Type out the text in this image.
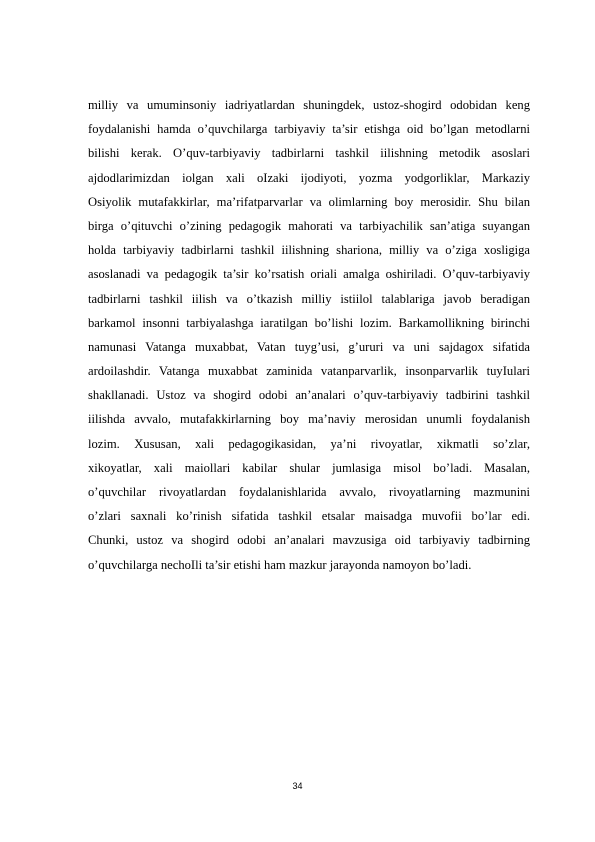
milliy va umuminsoniy iadriyatlardan shuningdek, ustoz-shogird odobidan keng
foydalanishi hamda o’quvchilarga tarbiyaviy ta’sir etishga oid bo’lgan metodlarni
bilishi kerak. O’quv-tarbiyaviy tadbirlarni tashkil iilishning metodik asoslari
ajdodlarimizdan iolgan xali oIzaki ijodiyoti, yozma yodgorliklar, Markaziy
Osiyolik mutafakkirlar, ma’rifatparvarlar va olimlarning boy merosidir. Shu bilan
birga o’qituvchi o’zining pedagogik mahorati va tarbiyachilik san’atiga suyangan
holda tarbiyaviy tadbirlarni tashkil iilishning shariona, milliy va o’ziga xosligiga
asoslanadi va pedagogik ta’sir ko’rsatish oriali amalga oshiriladi. O’quv-tarbiyaviy
tadbirlarni tashkil iilish va o’tkazish milliy istiilol talablariga javob beradigan
barkamol insonni tarbiyalashga iaratilgan bo’lishi lozim. Barkamollikning birinchi
namunasi Vatanga muxabbat, Vatan tuyg’usi, g’ururi va uni sajdagox sifatida
ardoilashdir. Vatanga muxabbat zaminida vatanparvarlik, insonparvarlik tuyIulari
shakllanadi. Ustoz va shogird odobi an’analari o’quv-tarbiyaviy tadbirini tashkil
iilishda avvalo, mutafakkirlarning boy ma’naviy merosidan unumli foydalanish
lozim. Xususan, xali pedagogikasidan, ya’ni rivoyatlar, xikmatli so’zlar,
xikoyatlar, xali maiollari kabilar shular jumlasiga misol bo’ladi. Masalan,
o’quvchilar rivoyatlardan foydalanishlarida avvalo, rivoyatlarning mazmunini
o’zlari saxnali ko’rinish sifatida tashkil etsalar maisadga muvofii bo’lar edi.
Chunki, ustoz va shogird odobi an’analari mavzusiga oid tarbiyaviy tadbirning
o’quvchilarga nechoIli ta’sir etishi ham mazkur jarayonda namoyon bo’ladi.
34
